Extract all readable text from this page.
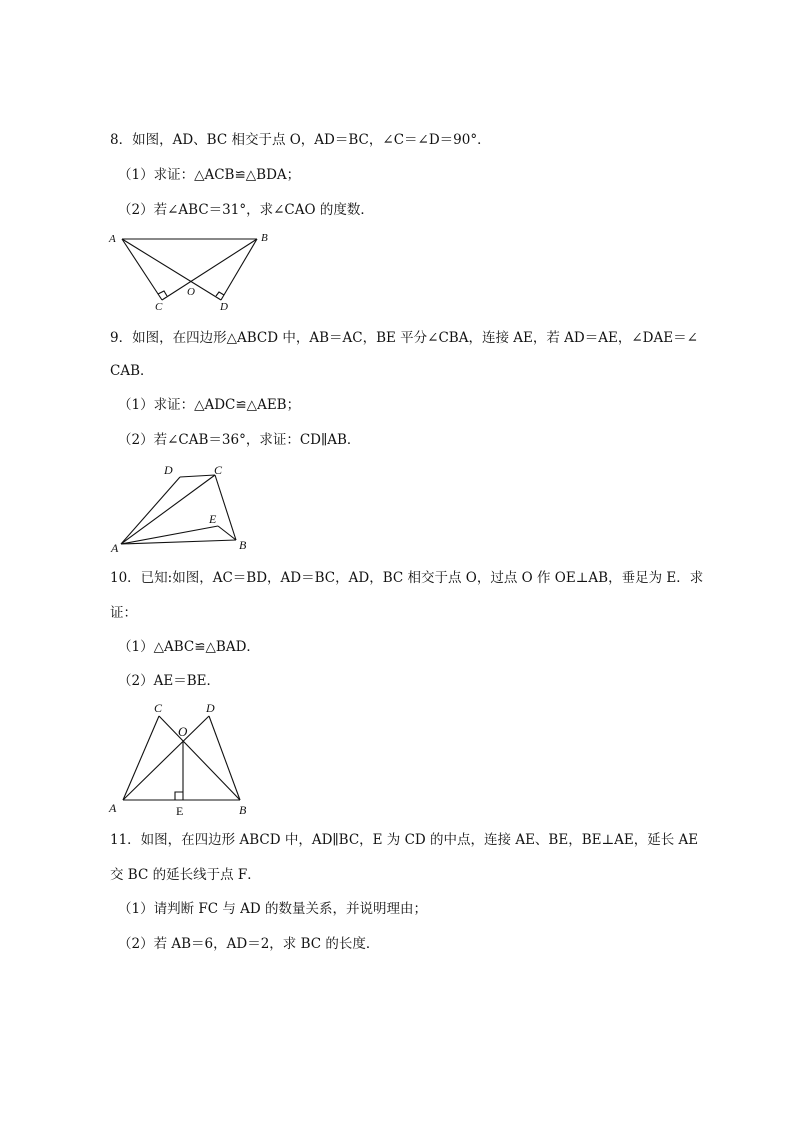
8．如图，AD、BC 相交于点 O，AD＝BC，∠C＝∠D＝90°．
（1）求证：△ACB≌△BDA；
（2）若∠ABC＝31°，求∠CAO 的度数．
A	B
O
C	D
9．如图，在四边形△ABCD 中，AB＝AC，BE 平分∠CBA，连接 AE，若 AD＝AE，∠DAE＝∠
CAB．
（1）求证：△ADC≌△AEB；
（2）若∠CAB＝36°，求证：CD∥AB．
A	B
C
D
E
10．已知:如图，AC＝BD，AD＝BC，AD，BC 相交于点 O，过点 O 作 OE⊥AB，垂足为 E．求
证：
（1）△ABC≌△BAD．
（2）AE＝BE．
C	D
O
A	B
E
11．如图，在四边形 ABCD 中，AD∥BC，E 为 CD 的中点，连接 AE、BE，BE⊥AE，延长 AE
交 BC 的延长线于点 F．
（1）请判断 FC 与 AD 的数量关系，并说明理由；
（2）若 AB＝6，AD＝2，求 BC 的长度．
